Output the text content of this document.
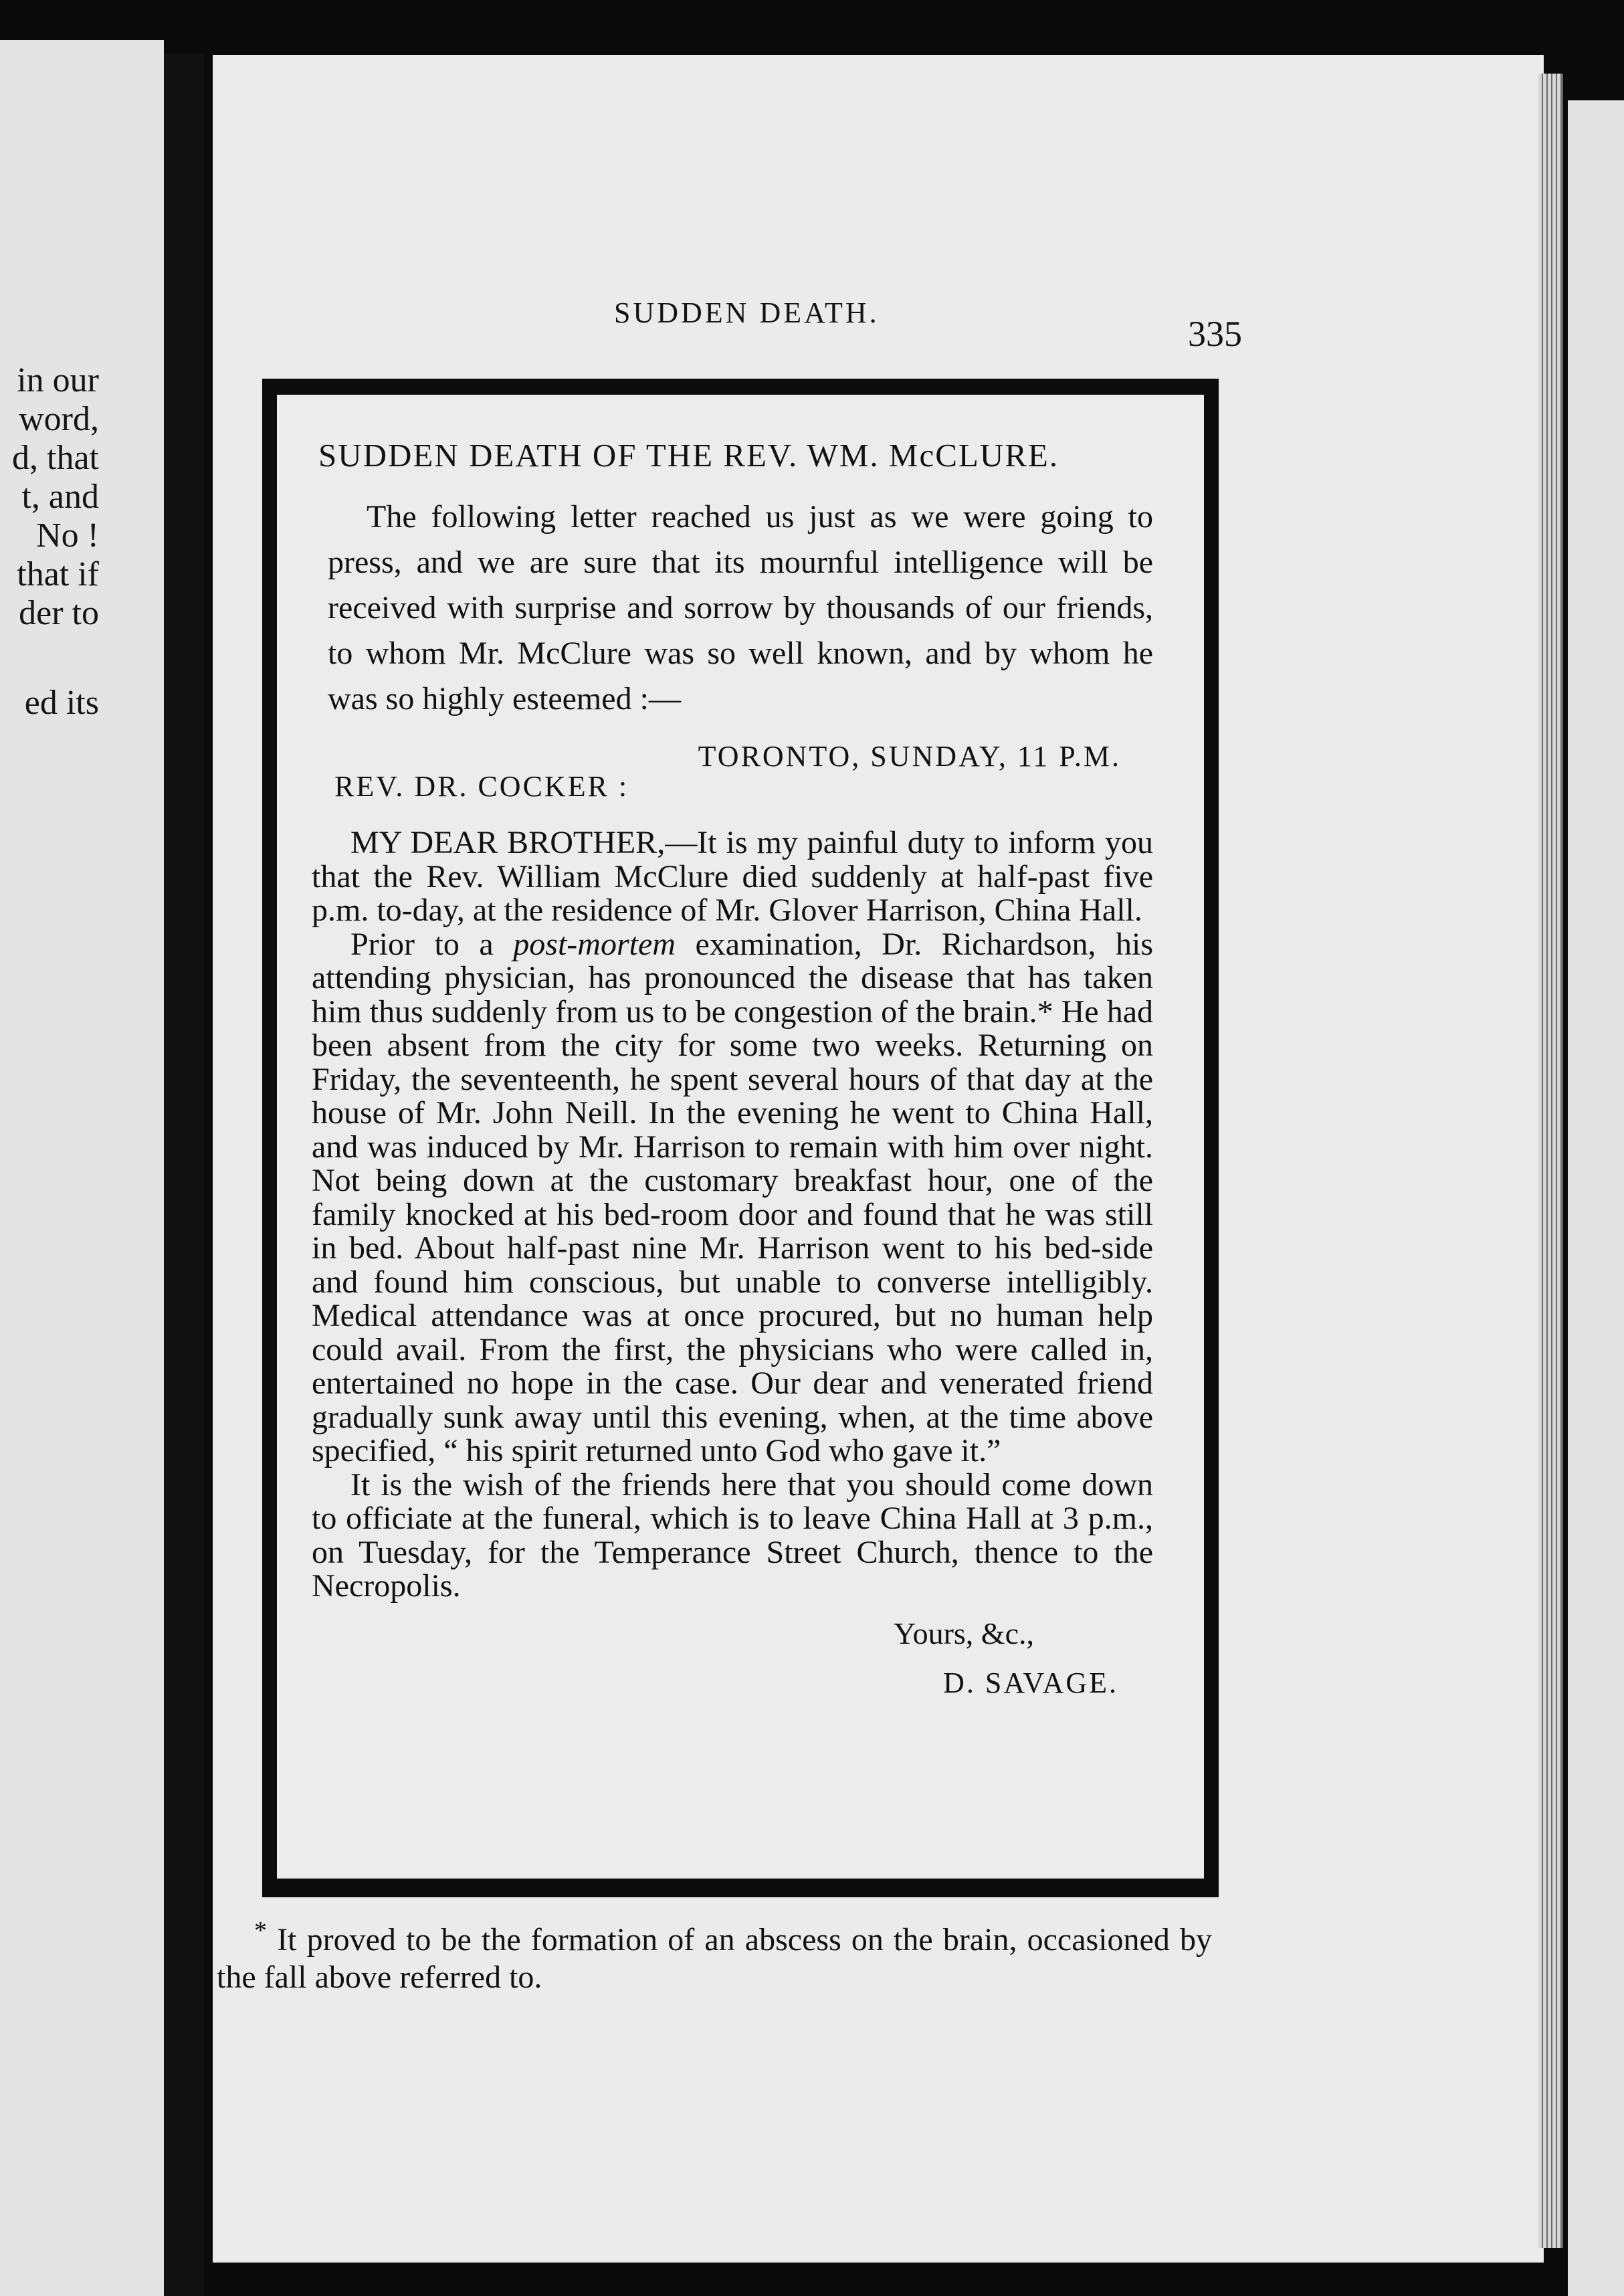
in our
word,
d, that
t, and
No !
that if
der to
ed its
SUDDEN DEATH.
335
SUDDEN DEATH OF THE REV. WM. McCLURE.
The following letter reached us just as we were going to press, and we are sure that its mournful intelligence will be received with surprise and sorrow by thousands of our friends, to whom Mr. McClure was so well known, and by whom he was so highly esteemed :—
TORONTO, SUNDAY, 11 P.M.
REV. DR. COCKER :

MY DEAR BROTHER,—It is my painful duty to inform you that the Rev. William McClure died suddenly at half-past five p.m. to-day, at the residence of Mr. Glover Harrison, China Hall.

Prior to a post-mortem examination, Dr. Richardson, his attending physician, has pronounced the disease that has taken him thus suddenly from us to be congestion of the brain.* He had been absent from the city for some two weeks. Returning on Friday, the seventeenth, he spent several hours of that day at the house of Mr. John Neill. In the evening he went to China Hall, and was induced by Mr. Harrison to remain with him over night. Not being down at the customary breakfast hour, one of the family knocked at his bed-room door and found that he was still in bed. About half-past nine Mr. Harrison went to his bed-side and found him conscious, but unable to converse intelligibly. Medical attendance was at once procured, but no human help could avail. From the first, the physicians who were called in, entertained no hope in the case. Our dear and venerated friend gradually sunk away until this evening, when, at the time above specified, “ his spirit returned unto God who gave it.”

It is the wish of the friends here that you should come down to officiate at the funeral, which is to leave China Hall at 3 p.m., on Tuesday, for the Temperance Street Church, thence to the Necropolis.

Yours, &c.,
D. SAVAGE.
* It proved to be the formation of an abscess on the brain, occasioned by the fall above referred to.
